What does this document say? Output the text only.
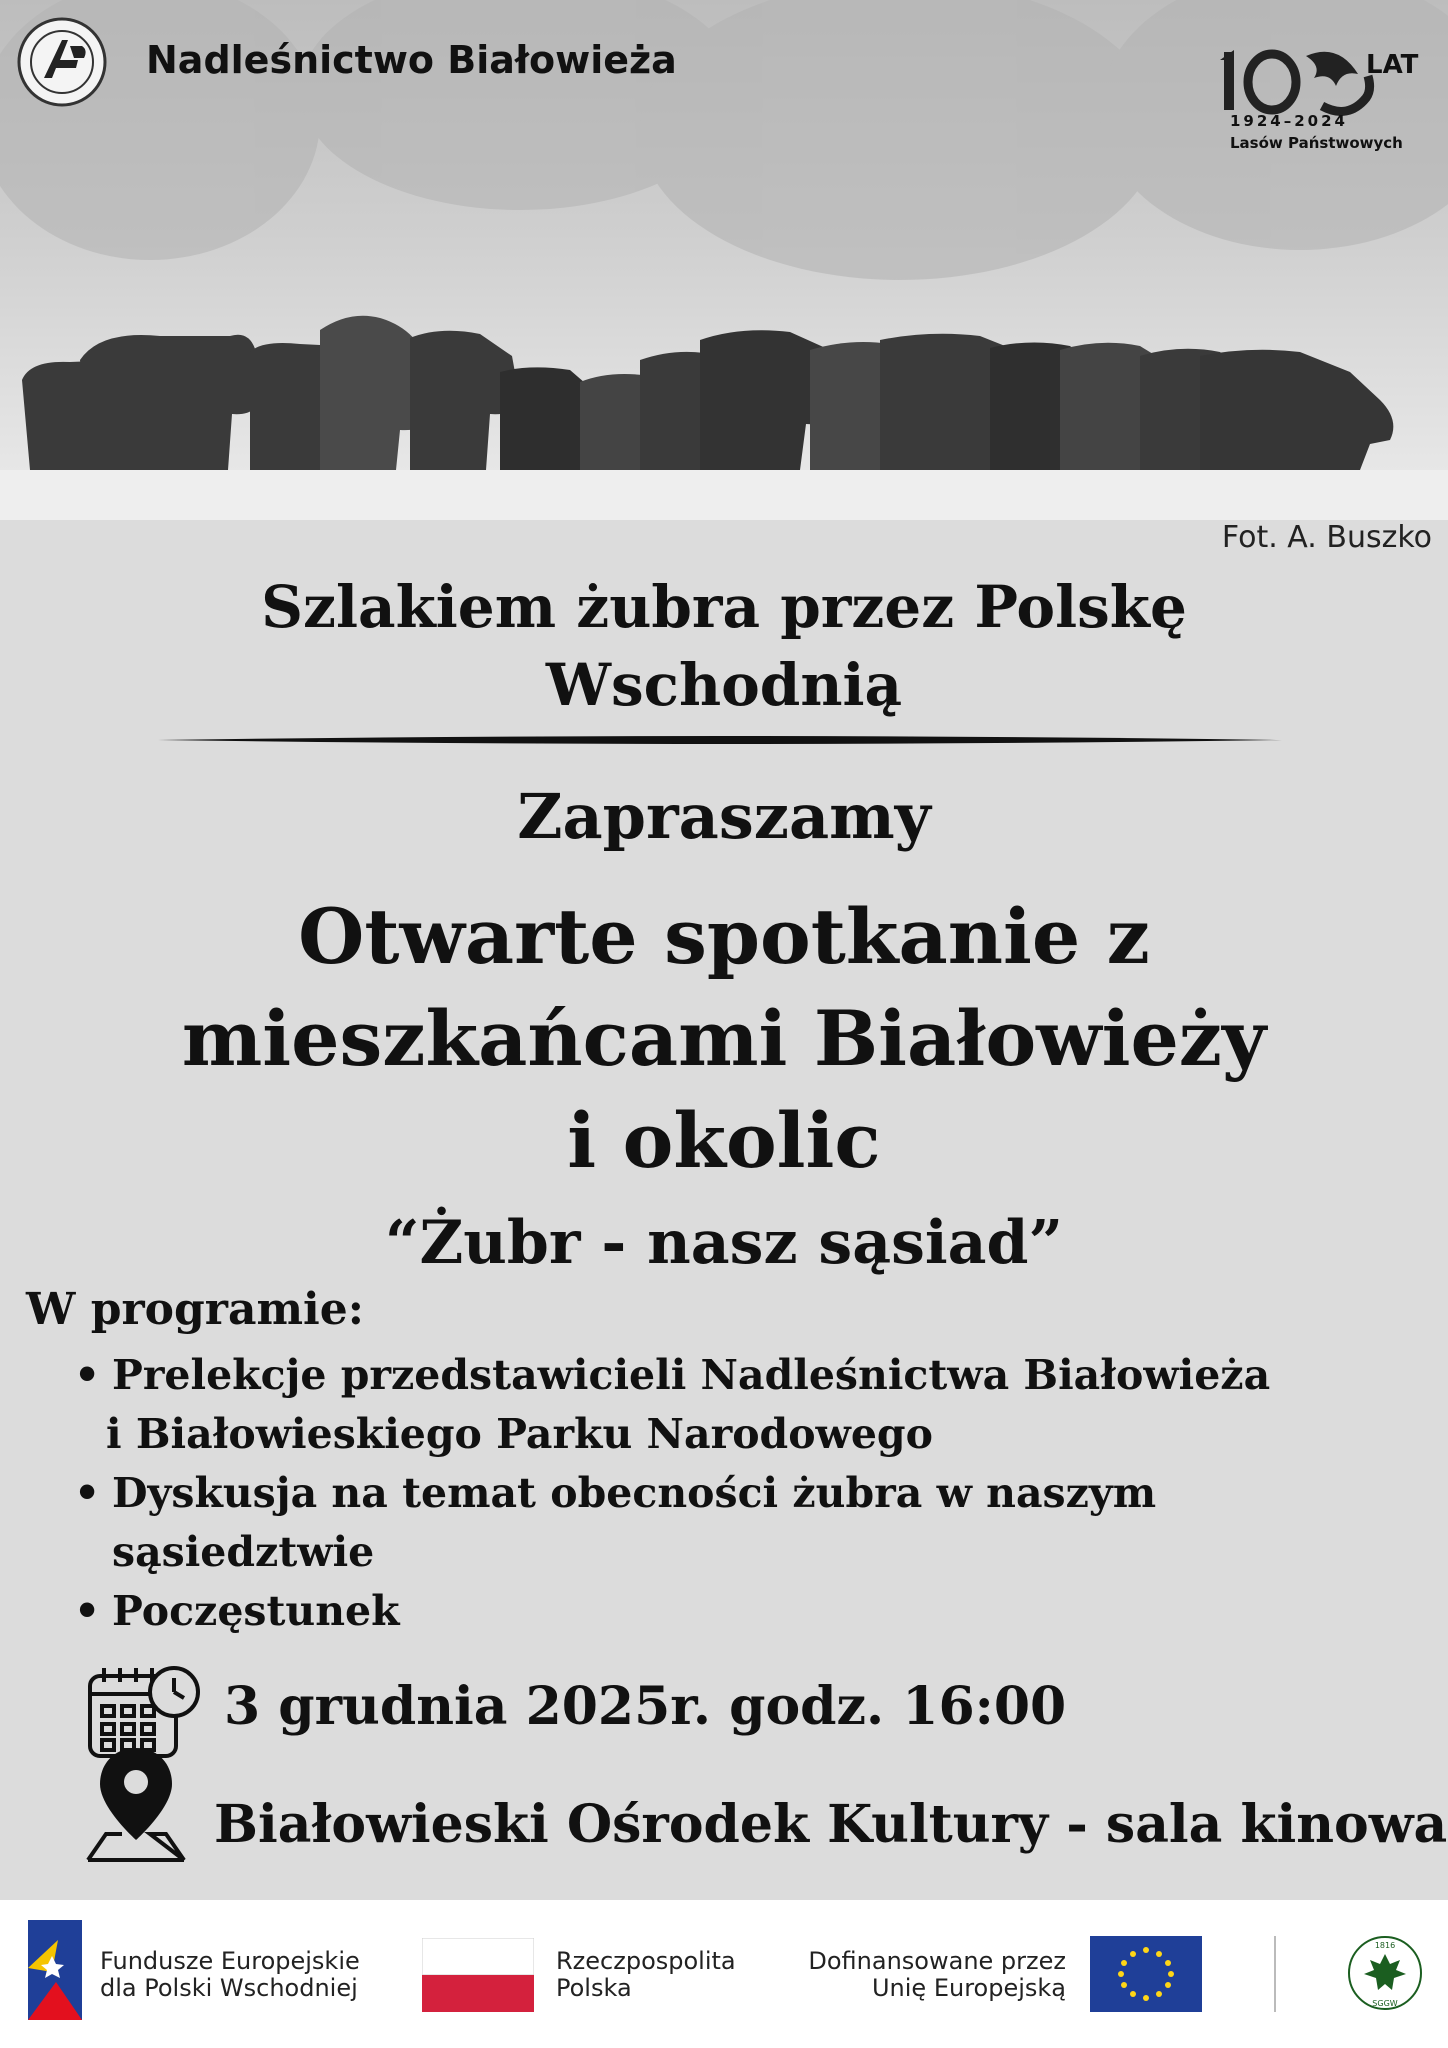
Nadleśnictwo Białowieża	LAT
1924–2024
Lasów Państwowych
Fot. A. Buszko
Szlakiem żubra przez Polskę
Wschodnią
Zapraszamy
Otwarte spotkanie z
mieszkańcami Białowieży
i okolic
“Żubr - nasz sąsiad”
W programie:
• Prelekcje przedstawicieli Nadleśnictwa Białowieża
i Białowieskiego Parku Narodowego
• Dyskusja na temat obecności żubra w naszym
sąsiedztwie
• Poczęstunek
3 grudnia 2025r. godz. 16:00
Białowieski Ośrodek Kultury - sala kinowa
Fundusze Europejskie
dla Polski Wschodniej
Rzeczpospolita
Polska
Dofinansowane przez
Unię Europejską
1816
SGGW
